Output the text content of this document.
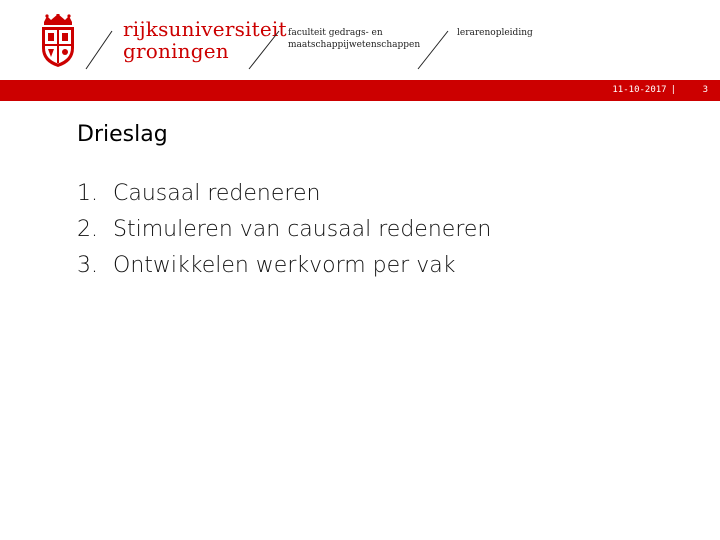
rijksuniversiteit
groningen
faculteit gedrags- en
maatschappijwetenschappen
lerarenopleiding
11-10-2017 |	3
Drieslag
1. Causaal redeneren
2. Stimuleren van causaal redeneren
3. Ontwikkelen werkvorm per vak
